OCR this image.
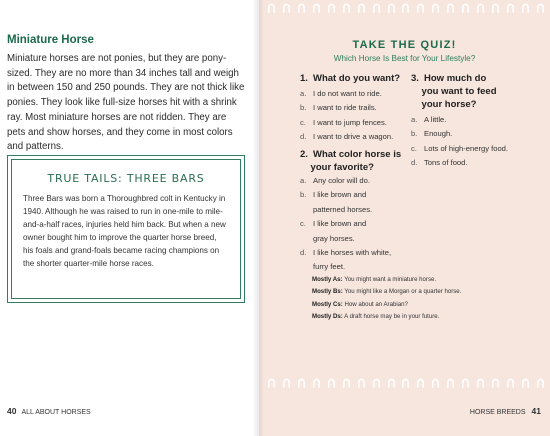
Miniature Horse

Miniature horses are not ponies, but they are pony-sized. They are no more than 34 inches tall and weigh in between 150 and 250 pounds. They are not thick like ponies. They look like full-size horses hit with a shrink ray. Most miniature horses are not ridden. They are pets and show horses, and they come in most colors and patterns.

TRUE TAILS: THREE BARS

Three Bars was born a Thoroughbred colt in Kentucky in 1940. Although he was raised to run in one-mile to mile-and-a-half races, injuries held him back. But when a new owner bought him to improve the quarter horse breed, his foals and grand-foals became racing champions on the shorter quarter-mile horse races.

40 ALL ABOUT HORSES
TAKE THE QUIZ!
Which Horse Is Best for Your Lifestyle?
1. What do you want?
a. I do not want to ride.
b. I want to ride trails.
c. I want to jump fences.
d. I want to drive a wagon.
2. What color horse is
your favorite?
a. Any color will do.
b. I like brown and
patterned horses.
c. I like brown and
gray horses.
d. I like horses with white,
furry feet.
3. How much do
you want to feed
your horse?
a. A little.
b. Enough.
c. Lots of high-energy food.
d. Tons of food.
Mostly As: You might want a miniature horse.
Mostly Bs: You might like a Morgan or a quarter horse.
Mostly Cs: How about an Arabian?
Mostly Ds: A draft horse may be in your future.
HORSE BREEDS 41
